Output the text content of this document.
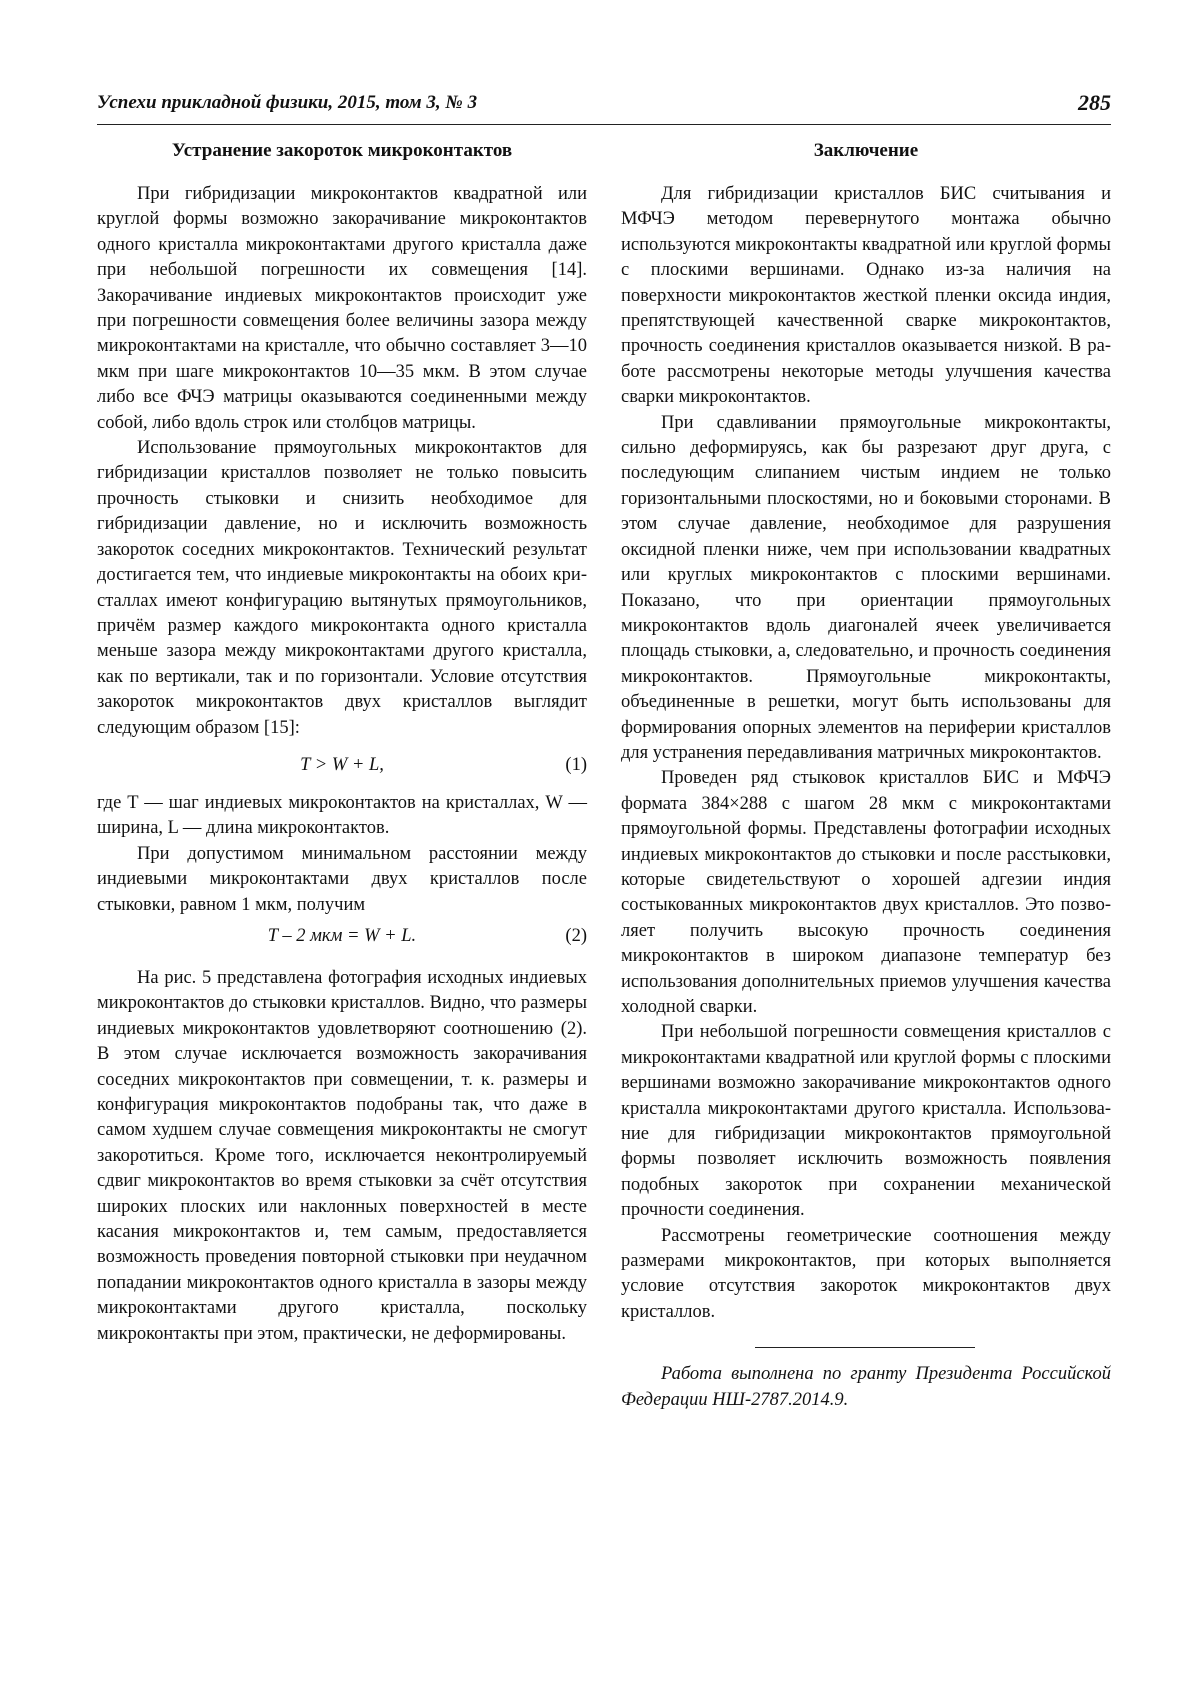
Успехи прикладной физики, 2015, том 3, № 3	285
Устранение закороток микроконтактов

При гибридизации микроконтактов квадратной или круглой формы возможно закорачивание микроконтактов одного кристалла микроконтактами другого кристалла даже при небольшой погрешности их совмещения [14]. Закорачивание индиевых микроконтактов происходит уже при погрешности совмещения более величины зазора между микроконтактами на кристалле, что обычно составляет 3—10 мкм при шаге микроконтактов 10—35 мкм. В этом случае либо все ФЧЭ матрицы оказываются соединенными между собой, либо вдоль строк или столбцов матрицы.

Использование прямоугольных микроконтактов для гибридизации кристаллов позволяет не только повысить прочность стыковки и снизить необходимое для гибридизации давление, но и исключить возможность закороток соседних микроконтактов. Технический результат достигается тем, что индиевые микроконтакты на обоих кристаллах имеют конфигурацию вытянутых прямоугольников, причём размер каждого микроконтакта одного кристалла меньше зазора между микроконтактами другого кристалла, как по вертикали, так и по горизонтали. Условие отсутствия закороток микроконтактов двух кристаллов выглядит следующим образом [15]:

T > W + L,	(1)

где T — шаг индиевых микроконтактов на кристаллах, W — ширина, L — длина микроконтактов.

При допустимом минимальном расстоянии между индиевыми микроконтактами двух кристаллов после стыковки, равном 1 мкм, получим

T – 2 мкм = W + L.	(2)

На рис. 5 представлена фотография исходных индиевых микроконтактов до стыковки кристаллов. Видно, что размеры индиевых микроконтактов удовлетворяют соотношению (2). В этом случае исключается возможность закорачивания соседних микроконтактов при совмещении, т. к. размеры и конфигурация микроконтактов подобраны так, что даже в самом худшем случае совмещения микроконтакты не смогут закоротиться. Кроме того, исключается неконтролируемый сдвиг микроконтактов во время стыковки за счёт отсутствия широких плоских или наклонных поверхностей в месте касания микроконтактов и, тем самым, предоставляется возможность проведения повторной стыковки при неудачном попадании микроконтактов одного кристалла в зазоры между микроконтактами другого кристалла, поскольку микроконтакты при этом, практически, не деформированы.

Заключение

Для гибридизации кристаллов БИС считывания и МФЧЭ методом перевернутого монтажа обычно используются микроконтакты квадратной или круглой формы с плоскими вершинами. Однако из-за наличия на поверхности микроконтактов жесткой пленки оксида индия, препятствующей качественной сварке микроконтактов, прочность соединения кристаллов оказывается низкой. В работе рассмотрены некоторые методы улучшения качества сварки микроконтактов.

При сдавливании прямоугольные микроконтакты, сильно деформируясь, как бы разрезают друг друга, с последующим слипанием чистым индием не только горизонтальными плоскостями, но и боковыми сторонами. В этом случае давление, необходимое для разрушения оксидной пленки ниже, чем при использовании квадратных или круглых микроконтактов с плоскими вершинами. Показано, что при ориентации прямоугольных микроконтактов вдоль диагоналей ячеек увеличивается площадь стыковки, а, следовательно, и прочность соединения микроконтактов. Прямоугольные микроконтакты, объединенные в решетки, могут быть использованы для формирования опорных элементов на периферии кристаллов для устранения передавливания матричных микроконтактов.

Проведен ряд стыковок кристаллов БИС и МФЧЭ формата 384×288 с шагом 28 мкм с микроконтактами прямоугольной формы. Представлены фотографии исходных индиевых микроконтактов до стыковки и после расстыковки, которые свидетельствуют о хорошей адгезии индия состыкованных микроконтактов двух кристаллов. Это позволяет получить высокую прочность соединения микроконтактов в широком диапазоне температур без использования дополнительных приемов улучшения качества холодной сварки.

При небольшой погрешности совмещения кристаллов с микроконтактами квадратной или круглой формы с плоскими вершинами возможно закорачивание микроконтактов одного кристалла микроконтактами другого кристалла. Использование для гибридизации микроконтактов прямоугольной формы позволяет исключить возможность появления подобных закороток при сохранении механической прочности соединения.

Рассмотрены геометрические соотношения между размерами микроконтактов, при которых выполняется условие отсутствия закороток микроконтактов двух кристаллов.

Работа выполнена по гранту Президента Российской Федерации НШ-2787.2014.9.
